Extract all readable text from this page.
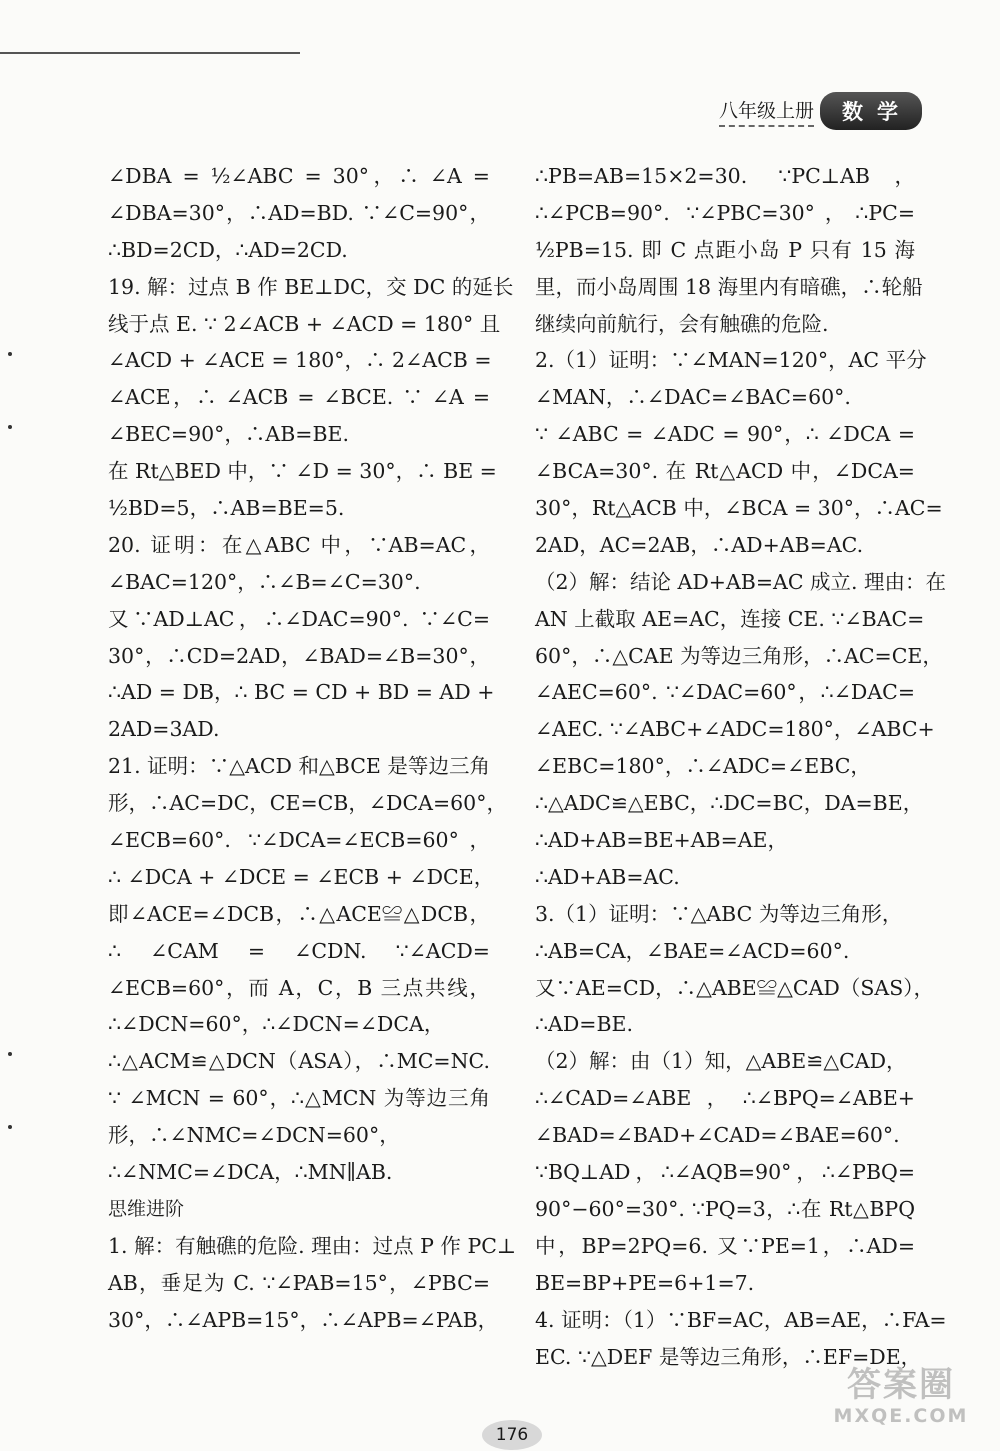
八年级上册	数学
∠DBA = ½∠ABC = 30°，∴ ∠A =
∠DBA=30°，∴AD=BD. ∵∠C=90°，
∴BD=2CD，∴AD=2CD.
19. 解：过点 B 作 BE⊥DC，交 DC 的延长
线于点 E. ∵ 2∠ACB + ∠ACD = 180° 且
∠ACD + ∠ACE = 180°，∴ 2∠ACB =
∠ACE，∴ ∠ACB = ∠BCE. ∵ ∠A =
∠BEC=90°，∴AB=BE.
在 Rt△BED 中，∵ ∠D = 30°，∴ BE =
½BD=5，∴AB=BE=5.
20. 证明：在△ABC 中，∵AB=AC，
∠BAC=120°，∴∠B=∠C=30°.
又∵AD⊥AC，∴∠DAC=90°. ∵∠C=
30°，∴CD=2AD，∠BAD=∠B=30°，
∴AD = DB，∴ BC = CD + BD = AD +
2AD=3AD.
21. 证明：∵△ACD 和△BCE 是等边三角
形，∴AC=DC，CE=CB，∠DCA=60°，
∠ECB=60°. ∵∠DCA=∠ECB=60°，
∴ ∠DCA + ∠DCE = ∠ECB + ∠DCE，
即∠ACE=∠DCB，∴△ACE≌△DCB，
∴ ∠CAM = ∠CDN. ∵∠ACD=
∠ECB=60°，而 A，C，B 三点共线，
∴∠DCN=60°，∴∠DCN=∠DCA，
∴△ACM≌△DCN（ASA），∴MC=NC.
∵ ∠MCN = 60°，∴△MCN 为等边三角
形，∴∠NMC=∠DCN=60°，
∴∠NMC=∠DCA，∴MN∥AB.
思维进阶
1. 解：有触礁的危险. 理由：过点 P 作 PC⊥
AB，垂足为 C. ∵∠PAB=15°，∠PBC=
30°，∴∠APB=15°，∴∠APB=∠PAB，
∴PB=AB=15×2=30. ∵PC⊥AB，
∴∠PCB=90°. ∵∠PBC=30°，∴PC=
½PB=15. 即 C 点距小岛 P 只有 15 海
里，而小岛周围 18 海里内有暗礁，∴轮船
继续向前航行，会有触礁的危险.
2.（1）证明：∵∠MAN=120°，AC 平分
∠MAN，∴∠DAC=∠BAC=60°.
∵ ∠ABC = ∠ADC = 90°，∴ ∠DCA =
∠BCA=30°. 在 Rt△ACD 中，∠DCA=
30°，Rt△ACB 中，∠BCA = 30°，∴AC=
2AD，AC=2AB，∴AD+AB=AC.
（2）解：结论 AD+AB=AC 成立. 理由：在
AN 上截取 AE=AC，连接 CE. ∵∠BAC=
60°，∴△CAE 为等边三角形，∴AC=CE，
∠AEC=60°. ∵∠DAC=60°，∴∠DAC=
∠AEC. ∵∠ABC+∠ADC=180°，∠ABC+
∠EBC=180°，∴∠ADC=∠EBC，
∴△ADC≌△EBC，∴DC=BC，DA=BE，
∴AD+AB=BE+AB=AE，
∴AD+AB=AC.
3.（1）证明：∵△ABC 为等边三角形，
∴AB=CA，∠BAE=∠ACD=60°.
又∵AE=CD，∴△ABE≌△CAD（SAS），
∴AD=BE.
（2）解：由（1）知，△ABE≌△CAD，
∴∠CAD=∠ABE，∴∠BPQ=∠ABE+
∠BAD=∠BAD+∠CAD=∠BAE=60°.
∵BQ⊥AD，∴∠AQB=90°，∴∠PBQ=
90°−60°=30°. ∵PQ=3，∴在 Rt△BPQ
中，BP=2PQ=6. 又∵PE=1，∴AD=
BE=BP+PE=6+1=7.
4. 证明：（1）∵BF=AC，AB=AE，∴FA=
EC. ∵△DEF 是等边三角形，∴EF=DE，
176
答案圈
MXQE.COM
